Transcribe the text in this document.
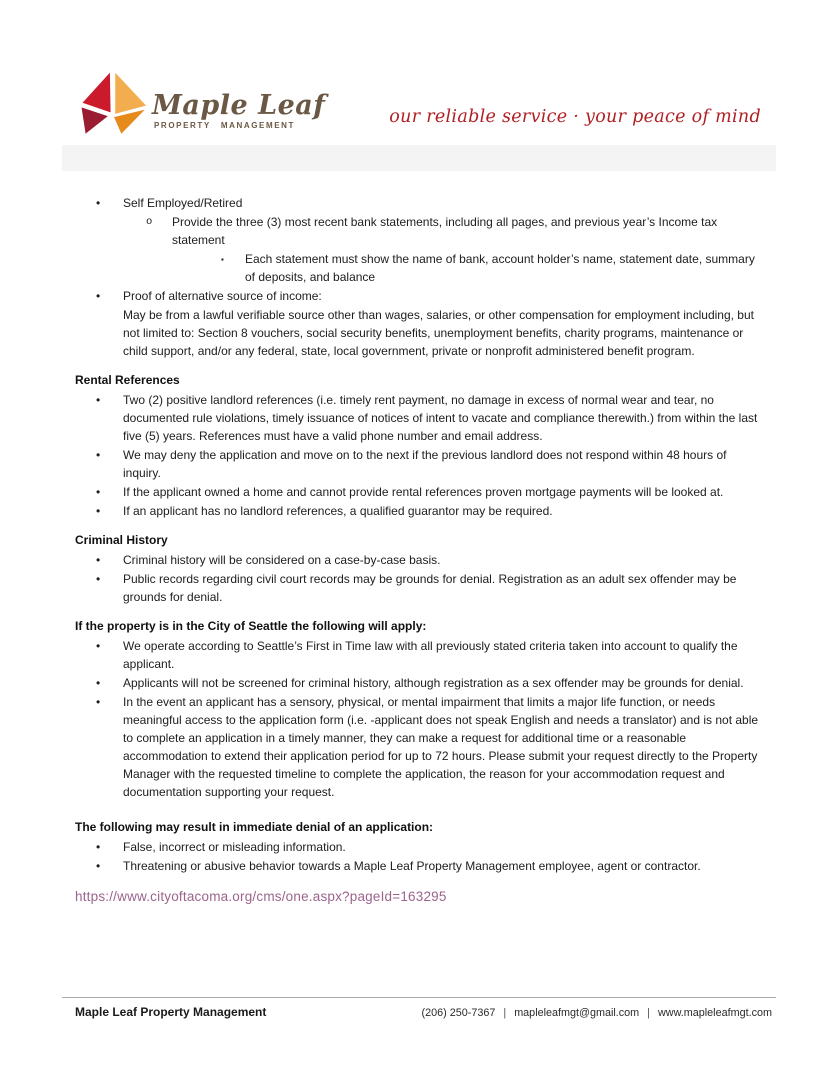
Maple Leaf
PROPERTY MANAGEMENT	our reliable service · your peace of mind
• Self Employed/Retired
o Provide the three (3) most recent bank statements, including all pages, and previous year’s Income tax statement
▪ Each statement must show the name of bank, account holder’s name, statement date, summary of deposits, and balance
• Proof of alternative source of income:
May be from a lawful verifiable source other than wages, salaries, or other compensation for employment including, but not limited to: Section 8 vouchers, social security benefits, unemployment benefits, charity programs, maintenance or child support, and/or any federal, state, local government, private or nonprofit administered benefit program.
Rental References
• Two (2) positive landlord references (i.e. timely rent payment, no damage in excess of normal wear and tear, no documented rule violations, timely issuance of notices of intent to vacate and compliance therewith.) from within the last five (5) years. References must have a valid phone number and email address.
• We may deny the application and move on to the next if the previous landlord does not respond within 48 hours of inquiry.
• If the applicant owned a home and cannot provide rental references proven mortgage payments will be looked at.
• If an applicant has no landlord references, a qualified guarantor may be required.
Criminal History
• Criminal history will be considered on a case-by-case basis.
• Public records regarding civil court records may be grounds for denial. Registration as an adult sex offender may be grounds for denial.
If the property is in the City of Seattle the following will apply:
• We operate according to Seattle’s First in Time law with all previously stated criteria taken into account to qualify the applicant.
• Applicants will not be screened for criminal history, although registration as a sex offender may be grounds for denial.
• In the event an applicant has a sensory, physical, or mental impairment that limits a major life function, or needs meaningful access to the application form (i.e. -applicant does not speak English and needs a translator) and is not able to complete an application in a timely manner, they can make a request for additional time or a reasonable accommodation to extend their application period for up to 72 hours. Please submit your request directly to the Property Manager with the requested timeline to complete the application, the reason for your accommodation request and documentation supporting your request.
The following may result in immediate denial of an application:
• False, incorrect or misleading information.
• Threatening or abusive behavior towards a Maple Leaf Property Management employee, agent or contractor.
https://www.cityoftacoma.org/cms/one.aspx?pageId=163295
Maple Leaf Property Management	(206) 250-7367 | mapleleafmgt@gmail.com | www.mapleleafmgt.com
